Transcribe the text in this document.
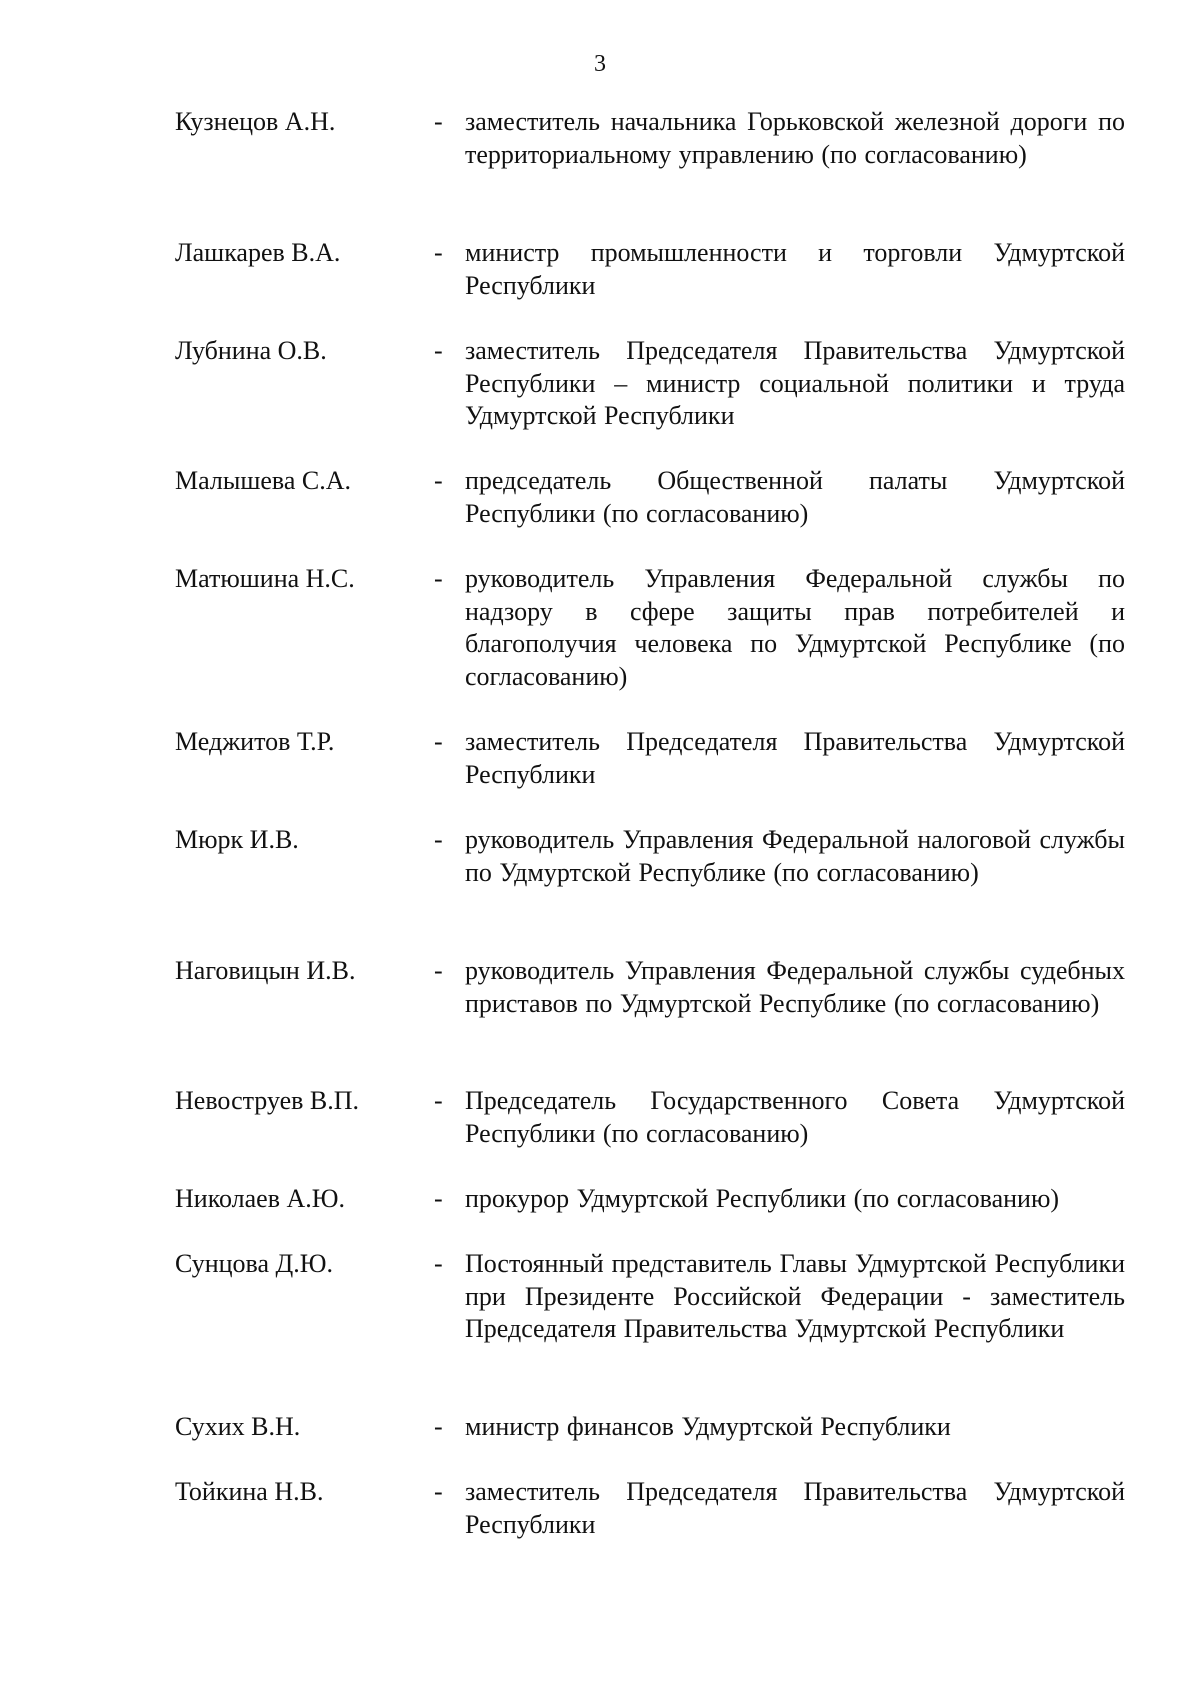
3
Кузнецов А.Н.	- заместитель начальника Горьковской железной дороги по территориальному управлению (по согласованию)
Лашкарев В.А.	- министр промышленности и торговли Удмуртской Республики
Лубнина О.В.	- заместитель Председателя Правительства Удмуртской Республики – министр социальной политики и труда Удмуртской Республики
Малышева С.А.	- председатель Общественной палаты Удмуртской Республики (по согласованию)
Матюшина Н.С.	- руководитель Управления Федеральной службы по надзору в сфере защиты прав потребителей и благополучия человека по Удмуртской Республике (по согласованию)
Меджитов Т.Р.	- заместитель Председателя Правительства Удмуртской Республики
Мюрк И.В.	- руководитель Управления Федеральной налоговой службы по Удмуртской Республике (по согласованию)
Наговицын И.В.	- руководитель Управления Федеральной службы судебных приставов по Удмуртской Республике (по согласованию)
Невоструев В.П.	- Председатель Государственного Совета Удмуртской Республики (по согласованию)
Николаев А.Ю.	- прокурор Удмуртской Республики (по согласованию)
Сунцова Д.Ю.	- Постоянный представитель Главы Удмуртской Республики при Президенте Российской Федерации - заместитель Председателя Правительства Удмуртской Республики
Сухих В.Н.	- министр финансов Удмуртской Республики
Тойкина Н.В.	- заместитель Председателя Правительства Удмуртской Республики
